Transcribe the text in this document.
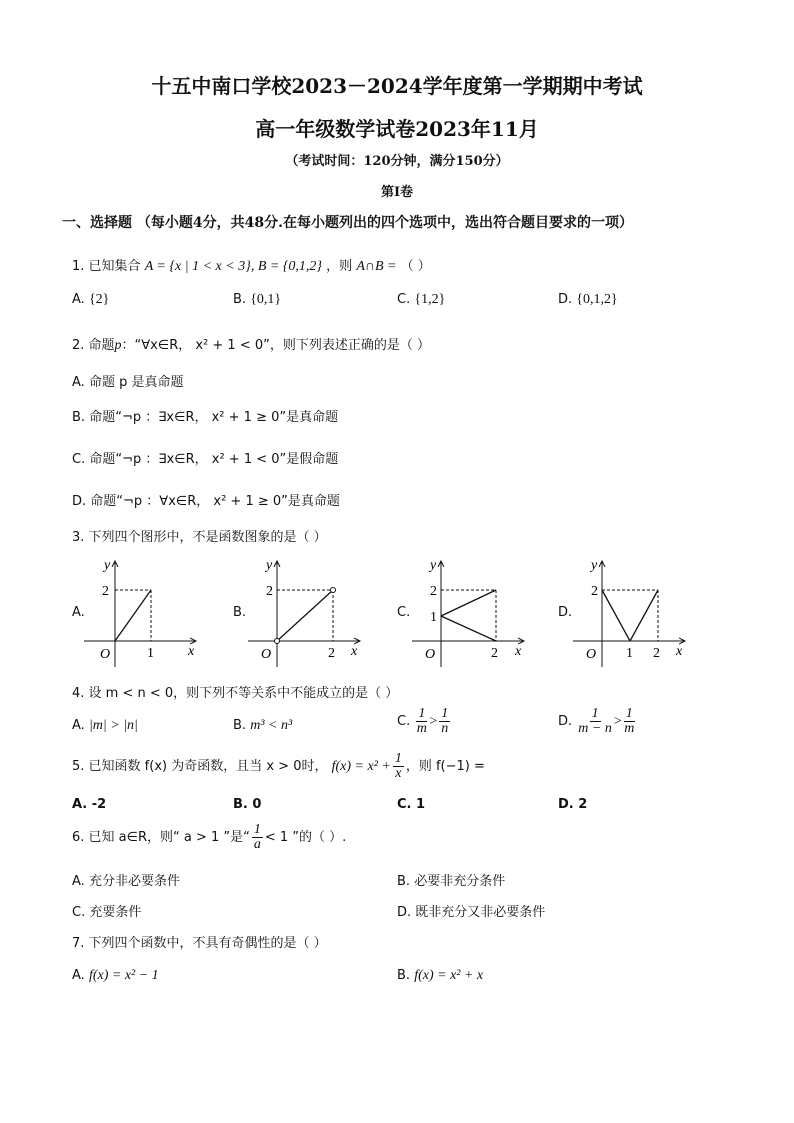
十五中南口学校2023－2024学年度第一学期期中考试
高一年级数学试卷2023年11月
（考试时间：120分钟，满分150分）
第Ⅰ卷
一、选择题 （每小题4分，共48分.在每小题列出的四个选项中，选出符合题目要求的一项）
1. 已知集合 A = {x | 1 < x < 3}, B = {0,1,2} ，则 A∩B = （ ）
A. {2}	B. {0,1}	C. {1,2}	D. {0,1,2}
2. 命题p：“∀x∈R， x² + 1 < 0”，则下列表述正确的是（ ）
A. 命题 p 是真命题
B. 命题“¬p ：∃x∈R， x² + 1 ≥ 0”是真命题
C. 命题“¬p ：∃x∈R， x² + 1 < 0”是假命题
D. 命题“¬p ：∀x∈R， x² + 1 ≥ 0”是真命题
3. 下列四个图形中，不是函数图象的是（ ）
A.
2
1
O	x
y
B.
2
2
O	x
y
C.
2
1
2
O	x
y
D.
2
1 2
O	x
y
4. 设 m < n < 0，则下列不等关系中不能成立的是（ ）
A. |m| > |n|	B. m³ < n³	C. $\frac{1}{m} > \frac{1}{n}$	D. $\frac{1}{m - n} > \frac{1}{m}$
5. 已知函数 f(x) 为奇函数，且当 x > 0时， $f(x) = x^2 + \frac{1}{x}$ ，则 f(−1) =
A. -2	B. 0	C. 1	D. 2
6. 已知 a∈R，则“ a > 1 ”是“ $\frac{1}{a} < 1$ ”的（ ）.
A. 充分非必要条件	B. 必要非充分条件
C. 充要条件	D. 既非充分又非必要条件
7. 下列四个函数中，不具有奇偶性的是（ ）
A. f(x) = x² − 1	B. f(x) = x² + x
